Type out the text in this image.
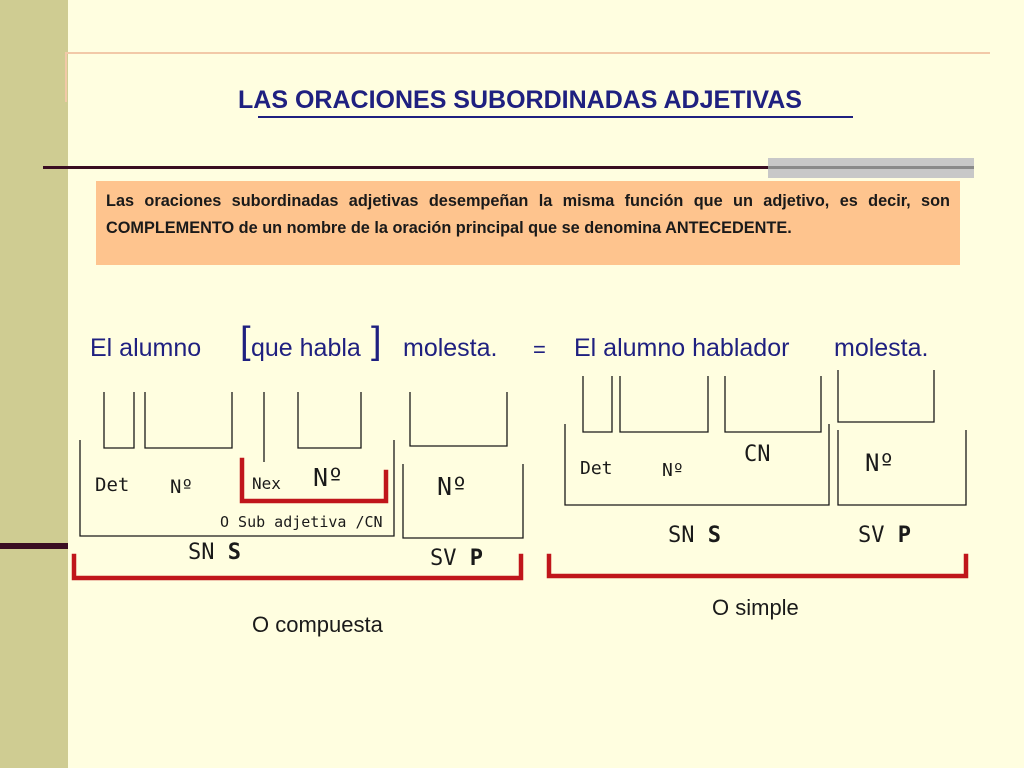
LAS ORACIONES SUBORDINADAS ADJETIVAS

Las oraciones subordinadas adjetivas desempeñan la misma función que un adjetivo, es decir, son COMPLEMENTO de un nombre de la oración principal que se denomina ANTECEDENTE.

El alumno [ que habla ] molesta. = El alumno hablador molesta.
Det Nº	Nex Nº	Nº
O Sub adjetiva /CN
SN S	SV P
O compuesta
Det	Nº
CN	Nº
SN S	SV P
O simple
